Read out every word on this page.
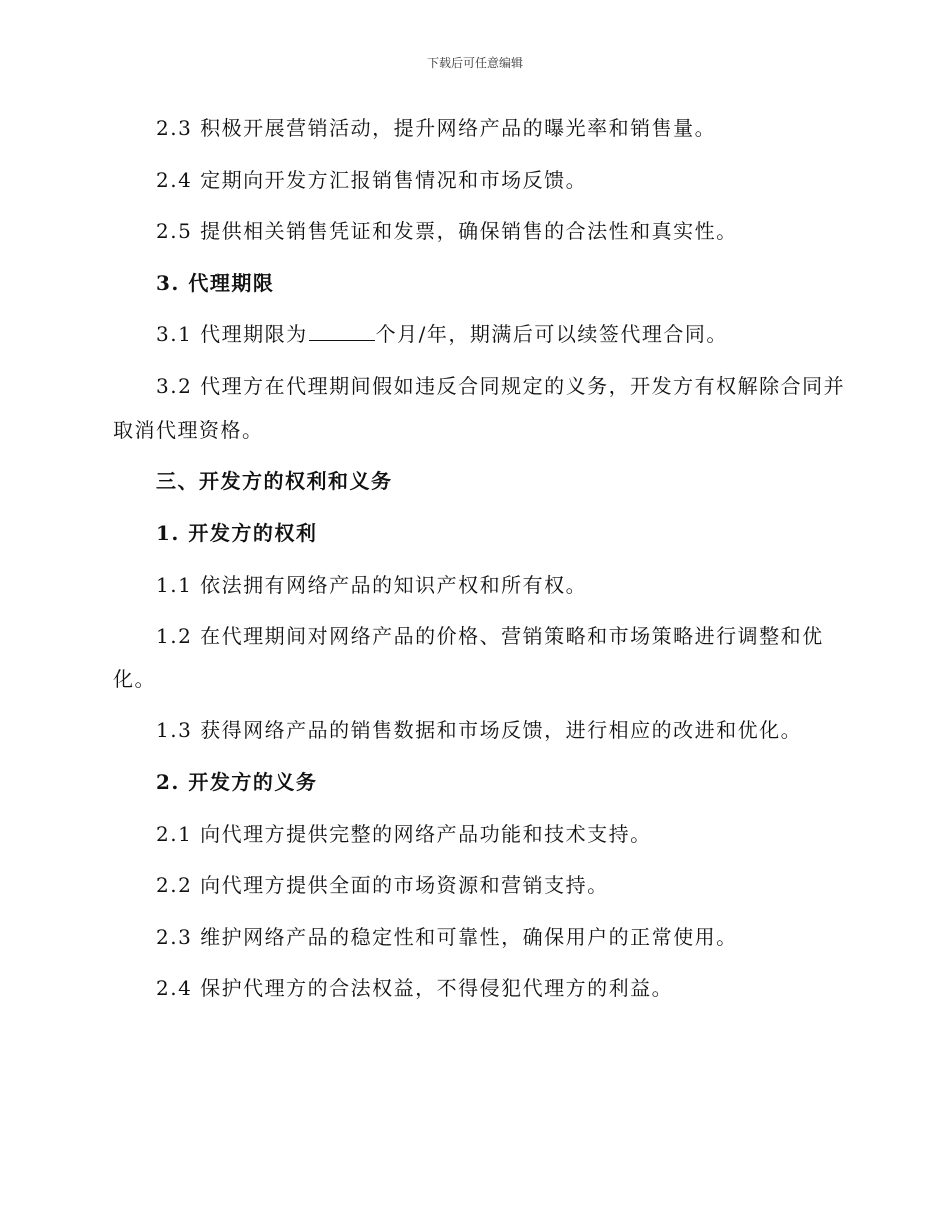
下载后可任意编辑
2.3 积极开展营销活动，提升网络产品的曝光率和销售量。
2.4 定期向开发方汇报销售情况和市场反馈。
2.5 提供相关销售凭证和发票，确保销售的合法性和真实性。
3. 代理期限
3.1 代理期限为	个月/年，期满后可以续签代理合同。
3.2 代理方在代理期间假如违反合同规定的义务，开发方有权解除合同并
取消代理资格。
三、开发方的权利和义务
1. 开发方的权利
1.1 依法拥有网络产品的知识产权和所有权。
1.2 在代理期间对网络产品的价格、营销策略和市场策略进行调整和优
化。
1.3 获得网络产品的销售数据和市场反馈，进行相应的改进和优化。
2. 开发方的义务
2.1 向代理方提供完整的网络产品功能和技术支持。
2.2 向代理方提供全面的市场资源和营销支持。
2.3 维护网络产品的稳定性和可靠性，确保用户的正常使用。
2.4 保护代理方的合法权益，不得侵犯代理方的利益。
